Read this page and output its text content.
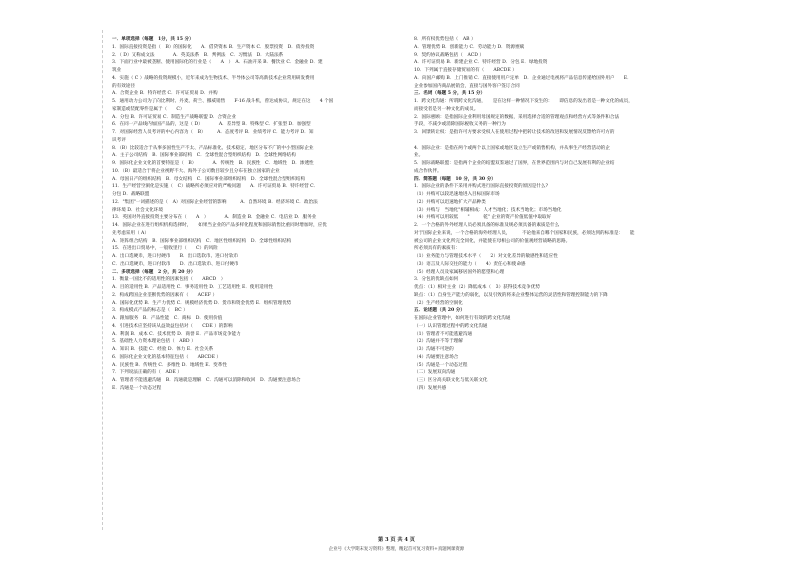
一．单项选择（每题　1分，共 15 分）
1．国际直接投资是指（　B）的国际化　　A．借贷资本 B．生产资本 C．股票投资　D．债券投资
2．（ D）又称成文法　　　　A．英美法系　B．判例法　C．习惯法　D．大陆法系
3．下面行业中最被垄断、使用国际化的行业是（　　A　）　A．石油开采 B．餐饮业 C．金融业 D．建
筑业
4．实施（ C ）战略的投资规模小，近年来成为生物技术、半导体公司等高新技术企业常用研发费用
的有效途径
A．合资企业 B．特许经营 C．许可证贸易 D．并购
5．通用动力公司为了向比利时、丹麦、荷兰、挪威销售　　F-16 战斗机，曾达成协议，规定在这　　4 个国
家制造或装配零件是属于（　　C）
A．分包 B．许可证贸易 C．制造生产战略联盟 D．合资企业
6．在同一产品线内加国产品的，这是（ D）　　　　A．差异型 B．特殊型 C．扩张型 D．加强型
7．对国际经营人员考评的中心内容为（　B）　　　A．态度考评 B．业绩考评 C．能力考评 D．知
识考评
8．（B）比较适合于从事多国性生产不太、产品标准化、技术稳定、地区分布不广的中小型国际企业
A．主子公司结构　B．国际事业部结构　C．全球性混合型组织结构　D．全球性网络结构
9．国际化企业文化的首要特征是（　B）　　　　A．传统性　B．民族性　C．地域性　D．渗透性
10．（B）最适合于将企业视野不大、海外子公司数目较少且分布在独立国家的企业
A．母国日产的组织结构　B．母女结构　C．国际事业部组织结构　D．全球性混合型组织结构
11．生产经营空洞化是实施（　C）战略所必须应对的严峻问题　　A．许可证贸易 B．特许经营 C．
分包 D．战略联盟
12．"集团"一词描述的是（　A）对国际企业经营的影响　　　A．自然环境 B．经济环境 C．政治法
律环境 D．社会文化环境
13．英国对外直接投资主要分布在（　　A　）　　　　A．制造业 B．金融业 C．电信业 D．服务业
14．国际企业在进行组织机构选择时，　　如果当企业的产品多样化程度和国际销售比重同时增加时，应优
先考虑采用（ A）
A．矩阵组合结构　B．国际事业部组织结构　C．地区性组织结构　D．全球性组织结构
15．在进出口贸易中，一般收里行（　　C）的风险
A．出口选硬币，进口付硬币　　B．出口选软币、进口付软币
C．出口选硬币，进口付软币　　D．出口选软币、进口付硬币
二．多项选择（每题　2 分，共 20 分）
1．衡量一国比不的适用性的因素包括（　　ABCD　）
A．目的适用性 B．产品适用性 C．事务适用性 D．工艺适用性 E．使用适用性
2．构成跨国企业垄断优势的因素有（　　ACEF ）
A．国际化优势 B．生产力优势 C．规模经济优势 D．货币和资金优势 E．组织管理优势
3．构成模式产品的标志是（　BC ）
A．跟加服务　B．产品性能　C．商标　D．使用价值
4．引进技术应坚持该从益效益包括对（　　CDE ）的影响
A．利润 B．成本 C．技术优势 D．商誉 E．产品市场竞争能力
5．基础性人力资本理论包括（　ABD ）
A．知识 B．技能 C．经验 D．体力 E．社会关系
6．国际化企业文化的基本特征包括（　　ABCDE ）
A．民族性 B．传统性 C．多维性 D．地域性 E．变革性
7．下列说法正确的有（　ADE ）
A．管理者不能逃避沟通　B．沟通就是理解　C．沟通可以消除和收回　D．沟通要注意场合
E．沟通是一个动态过程
8．所有权优势包括（　AB ）
A．管理优势 B．创新能力 C．劳动能力 D．资源禀赋
9．契约协议战略包括（　ACD ）
A．许可证贸易 B．新建企业 C．特许经营 D．分包 E．绿地投资
10．下列属于直接存储贸易的有（　　ABCDE ）
A．向国户邮购 B．上门推销 C．直接使用用户定单　D．企业通过电视将产品信息传递给国外用户　　E．
企业参加国内商品展销会，直接与国外客户签订合同
三．名词（每题 5 分，共 15 分）
1．跨文化沟通：所谓跨文化沟通，　　是在这样一种情况下发生的：　　即信息的发出者是一种文化的成员，
而接受者是另一种文化的成员。
2．国际惠顾：是指国际企业利用母国规定的数据，采用选择合适的管理观点和经营方式等条件和合法
手段，不减少或消除国际税收义务的一种行为
3．回馈转让权：是指许可方要求受权人在使用过程中把转让技术的改进和发展情况反馈给许可方的

4．国际企业：是指在两个或两个以上国家或地区设立生产或销售机构，并从事生产经营活动的企
业。
5．国际战略联盟：是指两个企业的结盟双鉴通过了国界，在世界范围内与对自己发展有利的企业结
成合作伙伴。
四．简答题（每题　10 分，共 30 分）
1．国际企业的条件下采用并购式进行国际直接投资的原因是什么?
（1）并购可以较迅速地进入目标国际市场
（2）并购可以迅速地扩大产品种类
（3）并购与　当地化"相辅相成：人才当地化；技术当地化；市场当地化
（4）并购可以用较低　　"　　　乾" 企业的资产价值低值中取取好
2．一个合格的外外经理人员必须具备的标准及规必须具备的素质是什么
对于国际企业来说，一个合格的海外经理人员，　　　不论他来自哪个国家和民族，必须达到的标准是：　　能
被公司的企业文化所完全同化，并能使在母相公司的价值观经营战略的思路。
所必须具有的素质有：
（1）业务能力与管理技术水平（　　2）对文化差异的敏感性和适应性
（3）语言及人际交往的能力（　　4）责任心和使命感
（5）经理人员及家属移居国外的愿望和心理
3．分包的优缺点如何
优点：（1）相对主业（2）降低成本（　3）获得技术竞争优势
缺点：（1）自身生产能力的弱化，以及引致的将来企业整体运营的灵活性和管理控制能力的下降
（2）生产经营的空洞化
五．论述题（共 20 分）
在国际企业管理中，如何进行有效的跨文化沟通
（一）认识管理过程中的跨文化沟通
（1）管理者不可能逃避沟通
（2）沟通并不等于理解
（3）沟通不可逆的
（4）沟通要注意场合
（5）沟通是一个动态过程
（二）发展双向沟通
（三）区分高关联文化与低关联文化
（四）发展共感
第 3 页 共 4 页
企业号《大学期末复习资料》整理，精起首可复习资料+真题网课资源
